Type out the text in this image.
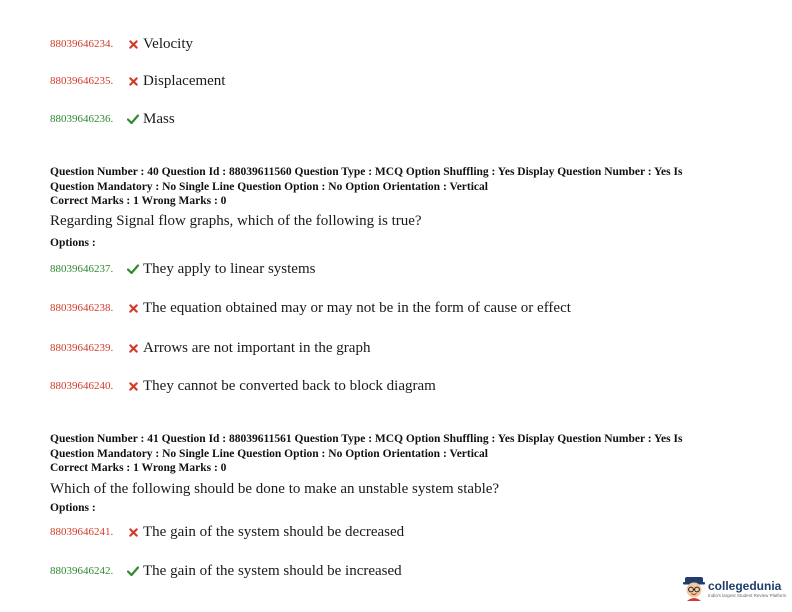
88039646234.	Velocity
88039646235.	Displacement
88039646236.	Mass
Question Number : 40 Question Id : 88039611560 Question Type : MCQ Option Shuffling : Yes Display Question Number : Yes Is
Question Mandatory : No Single Line Question Option : No Option Orientation : Vertical
Correct Marks : 1 Wrong Marks : 0
Regarding Signal flow graphs, which of the following is true?
Options :
88039646237.	They apply to linear systems
88039646238.	The equation obtained may or may not be in the form of cause or effect
88039646239.	Arrows are not important in the graph
88039646240.	They cannot be converted back to block diagram
Question Number : 41 Question Id : 88039611561 Question Type : MCQ Option Shuffling : Yes Display Question Number : Yes Is
Question Mandatory : No Single Line Question Option : No Option Orientation : Vertical
Correct Marks : 1 Wrong Marks : 0
Which of the following should be done to make an unstable system stable?
Options :
88039646241.	The gain of the system should be decreased
88039646242.	The gain of the system should be increased
collegedunia
India's largest Student Review Platform
